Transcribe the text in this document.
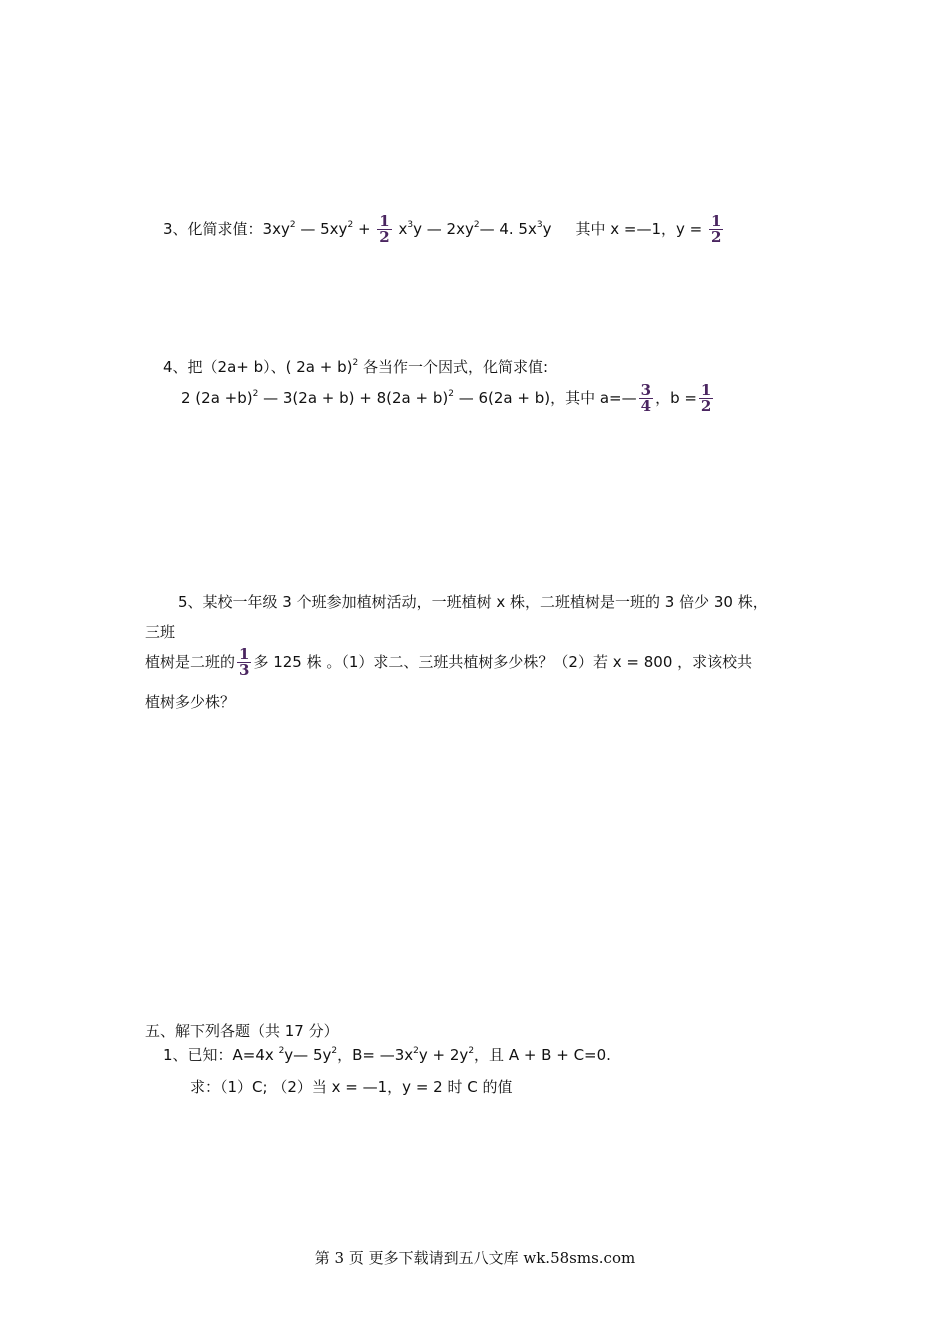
3、化简求值：$3xy^2$ — $5xy^2 + \frac{1}{2} x^3y$ — $2xy^2—$ 4. $5x^3y$ 其中 x =—1，$y = \frac{1}{2}$
4、把（2a+ b）、( 2a + b)$^2$ 各当作一个因式，化简求值:
2 $(2a +b)^2$ — $3(2a + b) + 8(2a + b)^2$ — 6(2a + b)，其中 a=— $\frac{3}{4}$ ，$b = \frac{1}{2}$
5、某校一年级 3 个班参加植树活动，一班植树 x 株，二班植树是一班的 3 倍少 30 株，
三班
植树是二班的 $\frac{1}{3}$ 多 125 株 。（1）求二、三班共植树多少株？（2）若 x = 800 ，求该校共
植树多少株？
五、解下列各题（共 17 分）
1、已知：A=4x $^2$y— $5y^2$，$B= —3x^2y + 2y^2$，且 A + B + C=0.
求：（1）C; （2）当 x = —1，y = 2 时 C 的值
第 3 页 更多下载请到五八文库 wk.58sms.com
